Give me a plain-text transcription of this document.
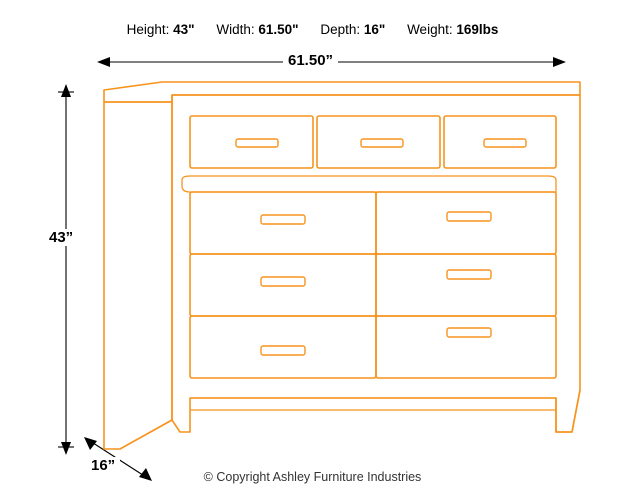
Height: 43" Width: 61.50" Depth: 16" Weight: 169lbs
61.50”
43”
16”
© Copyright Ashley Furniture Industries
